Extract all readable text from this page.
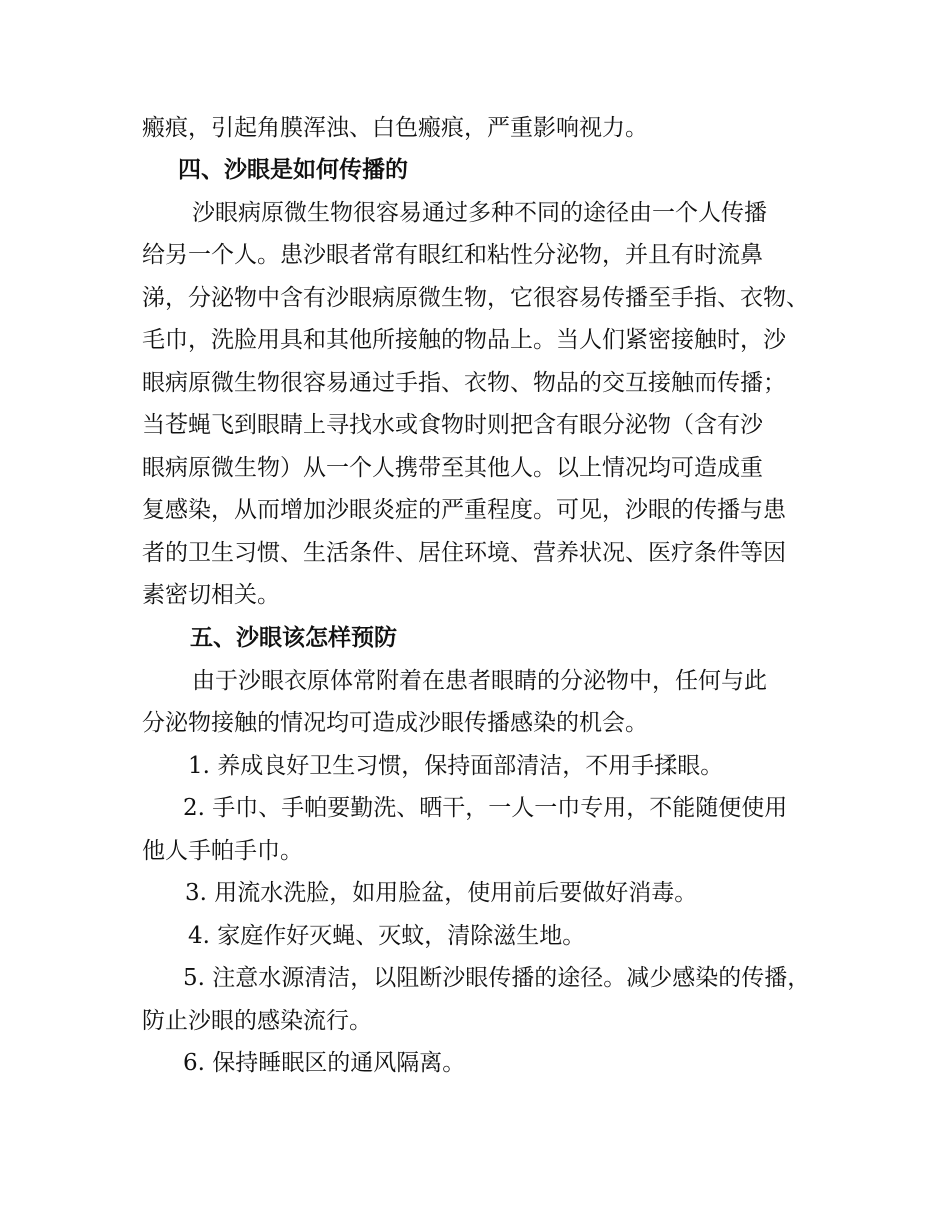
瘢痕，引起角膜浑浊、白色瘢痕，严重影响视力。
四、沙眼是如何传播的
沙眼病原微生物很容易通过多种不同的途径由一个人传播
给另一个人。患沙眼者常有眼红和粘性分泌物，并且有时流鼻
涕，分泌物中含有沙眼病原微生物，它很容易传播至手指、衣物、
毛巾，洗脸用具和其他所接触的物品上。当人们紧密接触时，沙
眼病原微生物很容易通过手指、衣物、物品的交互接触而传播；
当苍蝇飞到眼睛上寻找水或食物时则把含有眼分泌物（含有沙
眼病原微生物）从一个人携带至其他人。以上情况均可造成重
复感染，从而增加沙眼炎症的严重程度。可见，沙眼的传播与患
者的卫生习惯、生活条件、居住环境、营养状况、医疗条件等因
素密切相关。
五、沙眼该怎样预防
由于沙眼衣原体常附着在患者眼睛的分泌物中，任何与此
分泌物接触的情况均可造成沙眼传播感染的机会。
1. 养成良好卫生习惯，保持面部清洁，不用手揉眼。
2. 手巾、手帕要勤洗、晒干，一人一巾专用，不能随便使用
他人手帕手巾。
3. 用流水洗脸，如用脸盆，使用前后要做好消毒。
4. 家庭作好灭蝇、灭蚊，清除滋生地。
5. 注意水源清洁，以阻断沙眼传播的途径。减少感染的传播，
防止沙眼的感染流行。
6. 保持睡眠区的通风隔离。
